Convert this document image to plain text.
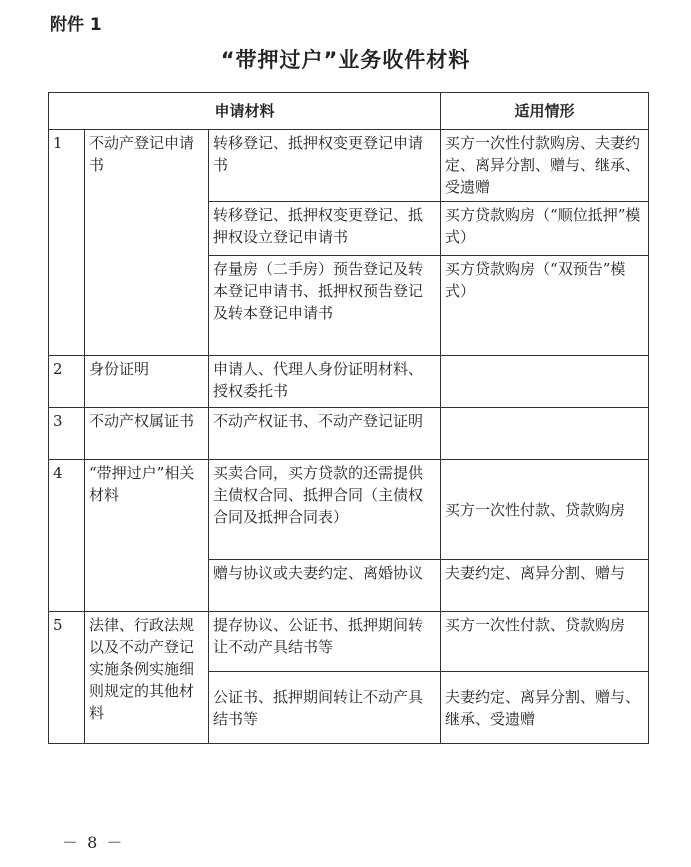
附件 1
“带押过户”业务收件材料
申请材料			适用情形
1	不动产登记申请书	转移登记、抵押权变更登记申请书	买方一次性付款购房、夫妻约定、离异分割、赠与、继承、受遗赠
		转移登记、抵押权变更登记、抵押权设立登记申请书	买方贷款购房（“顺位抵押”模式）
		存量房（二手房）预告登记及转本登记申请书、抵押权预告登记及转本登记申请书	买方贷款购房（“双预告”模式）
2	身份证明	申请人、代理人身份证明材料、授权委托书	
3	不动产权属证书	不动产权证书、不动产登记证明	
4	“带押过户”相关材料	买卖合同，买方贷款的还需提供主债权合同、抵押合同（主债权合同及抵押合同表）	买方一次性付款、贷款购房
		赠与协议或夫妻约定、离婚协议	夫妻约定、离异分割、赠与
5	法律、行政法规以及不动产登记实施条例实施细则规定的其他材料	提存协议、公证书、抵押期间转让不动产具结书等	买方一次性付款、贷款购房
		公证书、抵押期间转让不动产具结书等	夫妻约定、离异分割、赠与、继承、受遗赠
－ 8 －
